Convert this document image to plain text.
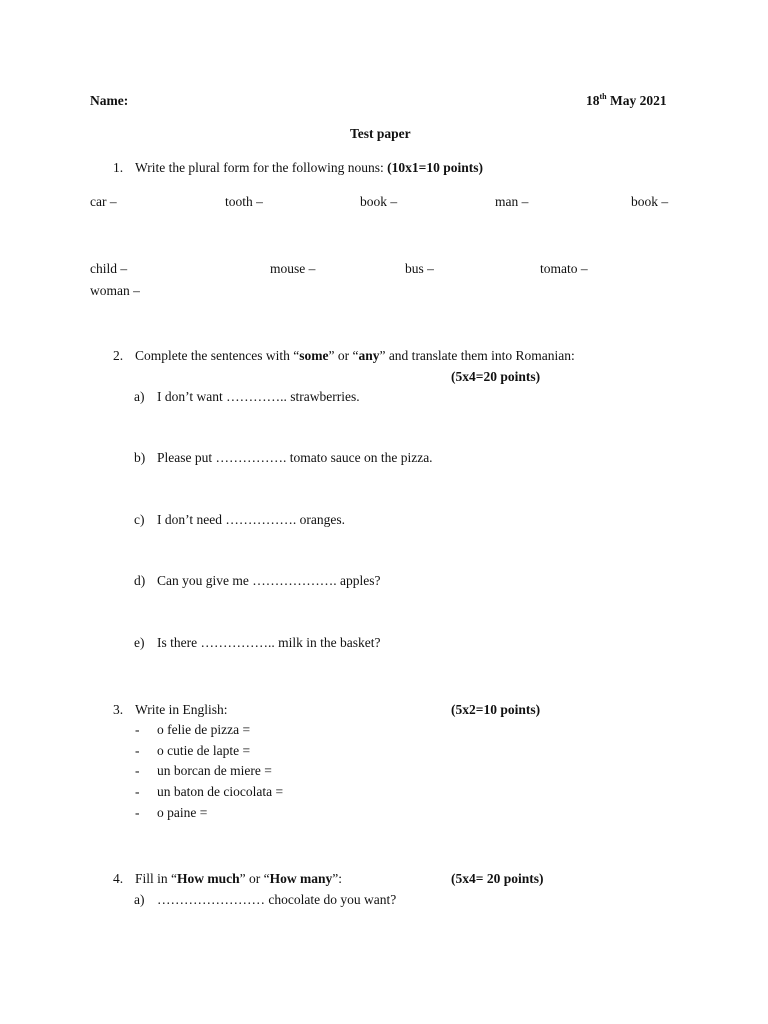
Name:	18th May 2021
Test paper
1. Write the plural form for the following nouns: (10x1=10 points)
car –	tooth –	book –	man –	book –
child –	mouse –	bus –	tomato –
woman –
2. Complete the sentences with “some” or “any” and translate them into Romanian:
(5x4=20 points)
a) I don’t want ………….. strawberries.
b) Please put ……………. tomato sauce on the pizza.
c) I don’t need ……………. oranges.
d) Can you give me ………………. apples?
e) Is there …………….. milk in the basket?
3. Write in English:	(5x2=10 points)
- o felie de pizza =
- o cutie de lapte =
- un borcan de miere =
- un baton de ciocolata =
- o paine =
4. Fill in “How much” or “How many”:	(5x4= 20 points)
a) …………………… chocolate do you want?
